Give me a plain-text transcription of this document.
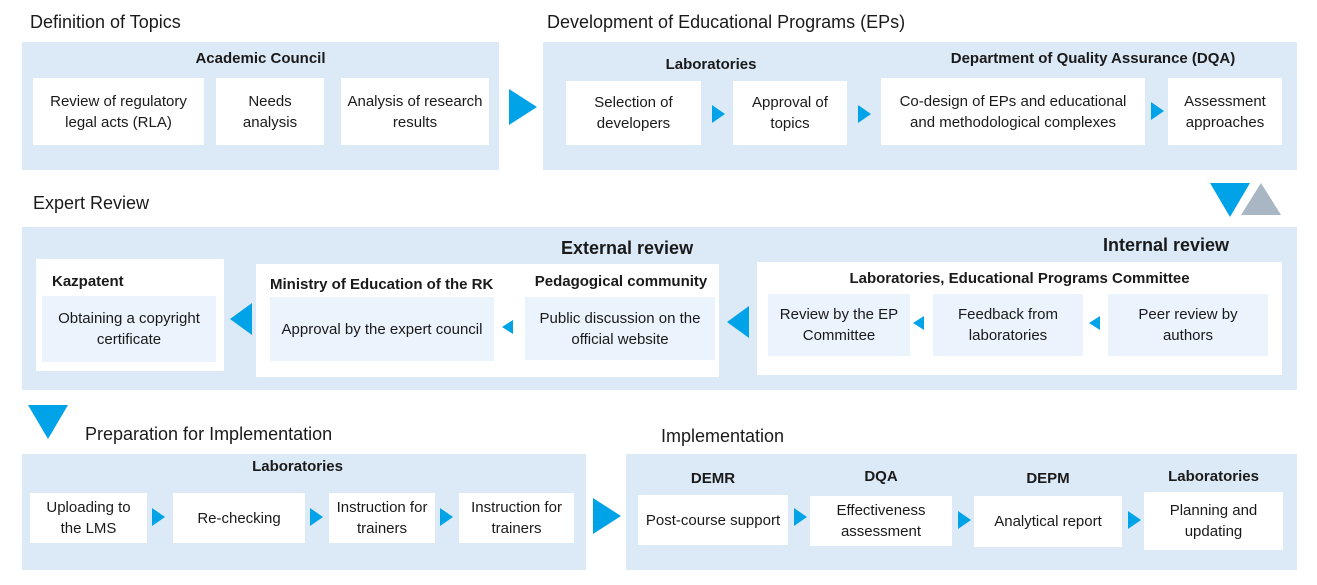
Definition of Topics
Academic Council
Review of regulatory legal acts (RLA)
Needs analysis
Analysis of research results
Development of Educational Programs (EPs)
Laboratories	Department of Quality Assurance (DQA)
Selection of developers
Approval of topics
Co-design of EPs and educational and methodological complexes
Assessment approaches
Expert Review
External review	Internal review
Kazpatent
Obtaining a copyright certificate
Ministry of Education of the RK
Approval by the expert council
Pedagogical community
Public discussion on the official website
Laboratories, Educational Programs Committee
Review by the EP Committee
Feedback from laboratories
Peer review by authors
Preparation for Implementation
Laboratories
Uploading to the LMS
Re-checking
Instruction for trainers
Instruction for trainers
Implementation
DEMR	DQA	DEPM	Laboratories
Post-course support
Effectiveness assessment
Analytical report
Planning and updating
